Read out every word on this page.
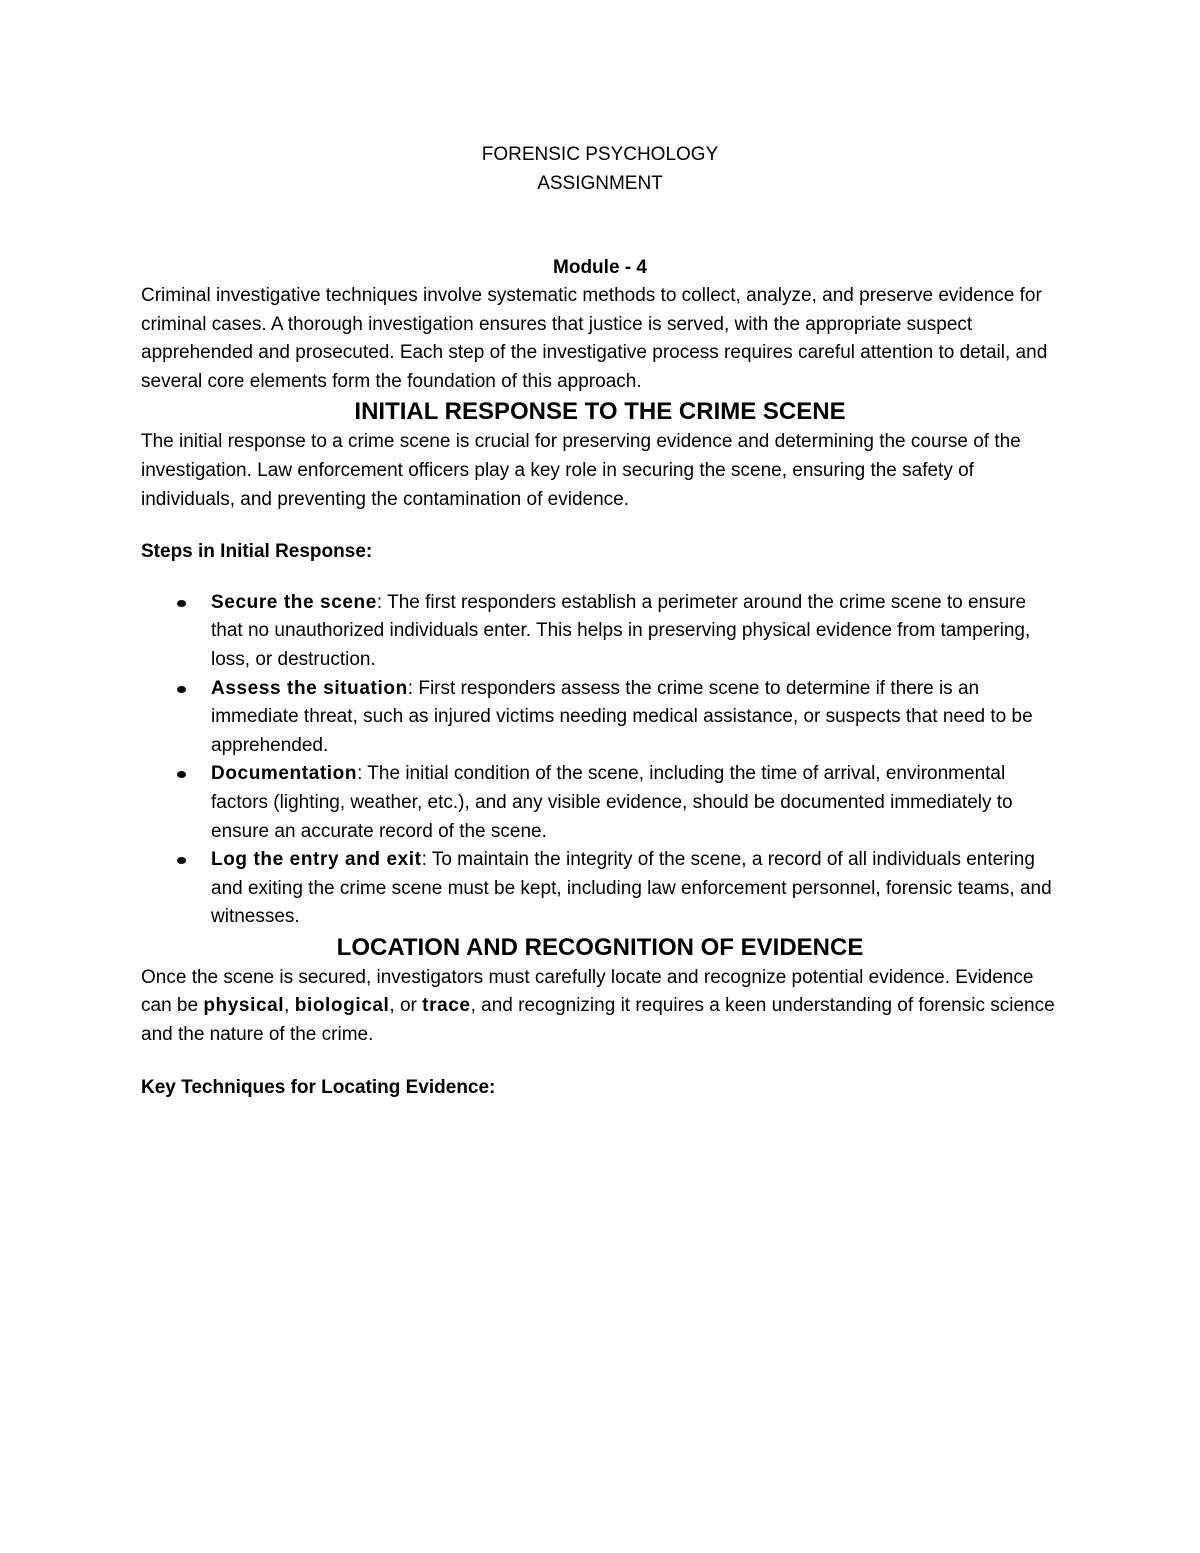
FORENSIC PSYCHOLOGY

ASSIGNMENT

Module - 4

Criminal investigative techniques involve systematic methods to collect, analyze, and preserve evidence for criminal cases. A thorough investigation ensures that justice is served, with the appropriate suspect apprehended and prosecuted. Each step of the investigative process requires careful attention to detail, and several core elements form the foundation of this approach.

INITIAL RESPONSE TO THE CRIME SCENE

The initial response to a crime scene is crucial for preserving evidence and determining the course of the investigation. Law enforcement officers play a key role in securing the scene, ensuring the safety of individuals, and preventing the contamination of evidence.

Steps in Initial Response:

Secure the scene: The first responders establish a perimeter around the crime scene to ensure that no unauthorized individuals enter. This helps in preserving physical evidence from tampering, loss, or destruction.
Assess the situation: First responders assess the crime scene to determine if there is an immediate threat, such as injured victims needing medical assistance, or suspects that need to be apprehended.
Documentation: The initial condition of the scene, including the time of arrival, environmental factors (lighting, weather, etc.), and any visible evidence, should be documented immediately to ensure an accurate record of the scene.
Log the entry and exit: To maintain the integrity of the scene, a record of all individuals entering and exiting the crime scene must be kept, including law enforcement personnel, forensic teams, and witnesses.
LOCATION AND RECOGNITION OF EVIDENCE

Once the scene is secured, investigators must carefully locate and recognize potential evidence. Evidence can be physical, biological, or trace, and recognizing it requires a keen understanding of forensic science and the nature of the crime.

Key Techniques for Locating Evidence:
